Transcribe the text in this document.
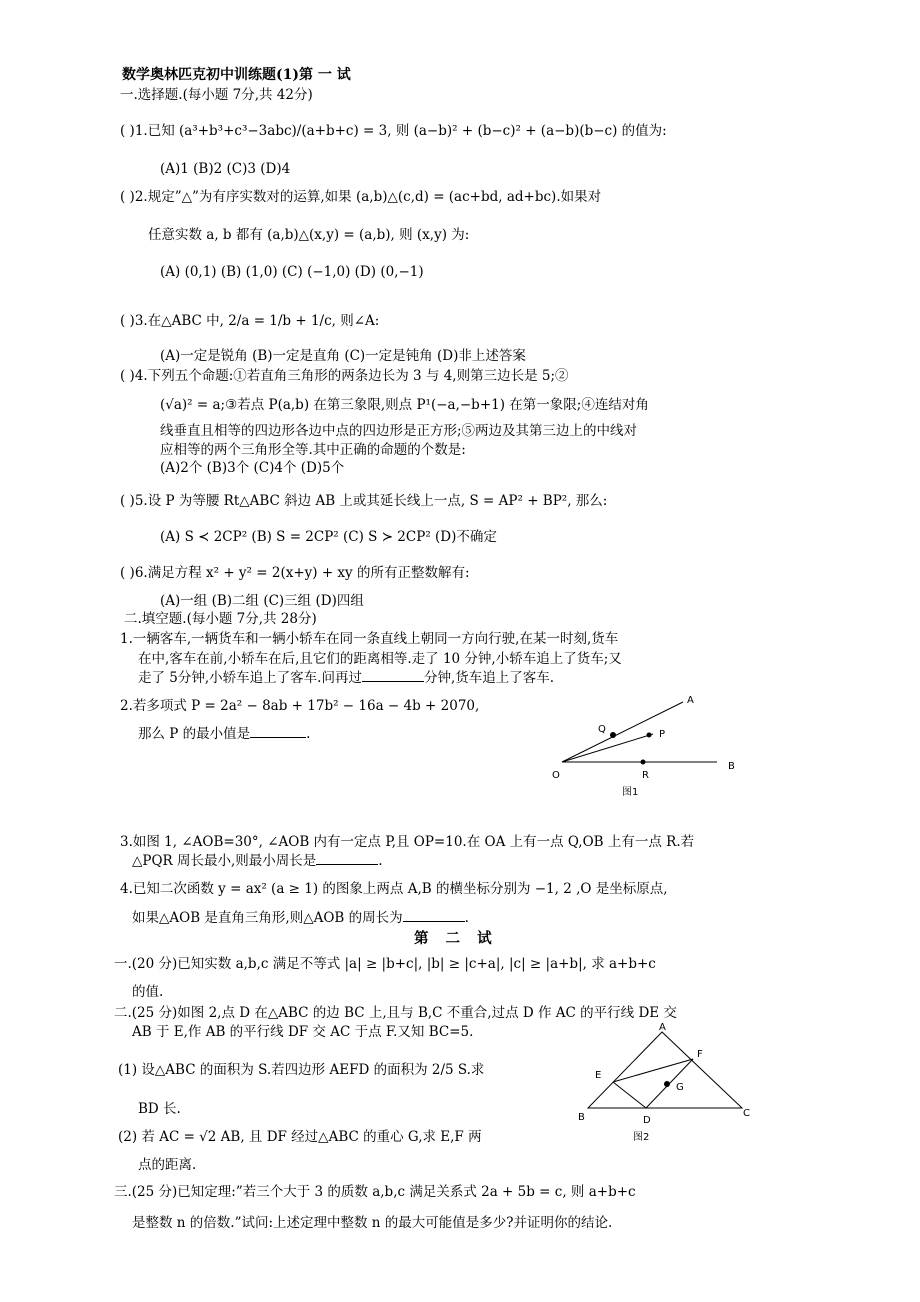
数学奥林匹克初中训练题(1)第 一 试
一.选择题.(每小题 7分,共 42分)
( )1.已知 (a³+b³+c³−3abc)/(a+b+c) = 3, 则 (a−b)² + (b−c)² + (a−b)(b−c) 的值为:
(A)1 (B)2 (C)3 (D)4
( )2.规定”△”为有序实数对的运算,如果 (a,b)△(c,d) = (ac+bd, ad+bc).如果对
任意实数 a, b 都有 (a,b)△(x,y) = (a,b), 则 (x,y) 为:
(A) (0,1) (B) (1,0) (C) (−1,0) (D) (0,−1)
( )3.在△ABC 中, 2/a = 1/b + 1/c, 则∠A:
(A)一定是锐角 (B)一定是直角 (C)一定是钝角 (D)非上述答案
( )4.下列五个命题:①若直角三角形的两条边长为 3 与 4,则第三边长是 5;②
(√a)² = a;③若点 P(a,b) 在第三象限,则点 P¹(−a,−b+1) 在第一象限;④连结对角
线垂直且相等的四边形各边中点的四边形是正方形;⑤两边及其第三边上的中线对
应相等的两个三角形全等.其中正确的命题的个数是:
(A)2个 (B)3个 (C)4个 (D)5个
( )5.设 P 为等腰 Rt△ABC 斜边 AB 上或其延长线上一点, S = AP² + BP², 那么:
(A) S ≺ 2CP² (B) S = 2CP² (C) S ≻ 2CP² (D)不确定
( )6.满足方程 x² + y² = 2(x+y) + xy 的所有正整数解有:
(A)一组 (B)二组 (C)三组 (D)四组
二.填空题.(每小题 7分,共 28分)
1.一辆客车,一辆货车和一辆小轿车在同一条直线上朝同一方向行驶,在某一时刻,货车
在中,客车在前,小轿车在后,且它们的距离相等.走了 10 分钟,小轿车追上了货车;又
走了 5分钟,小轿车追上了客车.问再过	分钟,货车追上了客车.
2.若多项式 P = 2a² − 8ab + 17b² − 16a − 4b + 2070,
那么 P 的最小值是	.
A
B
O
P
Q
R
图1
3.如图 1, ∠AOB=30°, ∠AOB 内有一定点 P,且 OP=10.在 OA 上有一点 Q,OB 上有一点 R.若
△PQR 周长最小,则最小周长是	.
4.已知二次函数 y = ax² (a ≥ 1) 的图象上两点 A,B 的横坐标分别为 −1, 2 ,O 是坐标原点,
如果△AOB 是直角三角形,则△AOB 的周长为	.
第 二 试
一.(20 分)已知实数 a,b,c 满足不等式 |a| ≥ |b+c|, |b| ≥ |c+a|, |c| ≥ |a+b|, 求 a+b+c
的值.
二.(25 分)如图 2,点 D 在△ABC 的边 BC 上,且与 B,C 不重合,过点 D 作 AC 的平行线 DE 交
AB 于 E,作 AB 的平行线 DF 交 AC 于点 F.又知 BC=5.
(1) 设△ABC 的面积为 S.若四边形 AEFD 的面积为 2/5 S.求
BD 长.
(2) 若 AC = √2 AB, 且 DF 经过△ABC 的重心 G,求 E,F 两
点的距离.
A
B	C
D
E
F
G
图2
三.(25 分)已知定理:”若三个大于 3 的质数 a,b,c 满足关系式 2a + 5b = c, 则 a+b+c
是整数 n 的倍数.”试问:上述定理中整数 n 的最大可能值是多少?并证明你的结论.
